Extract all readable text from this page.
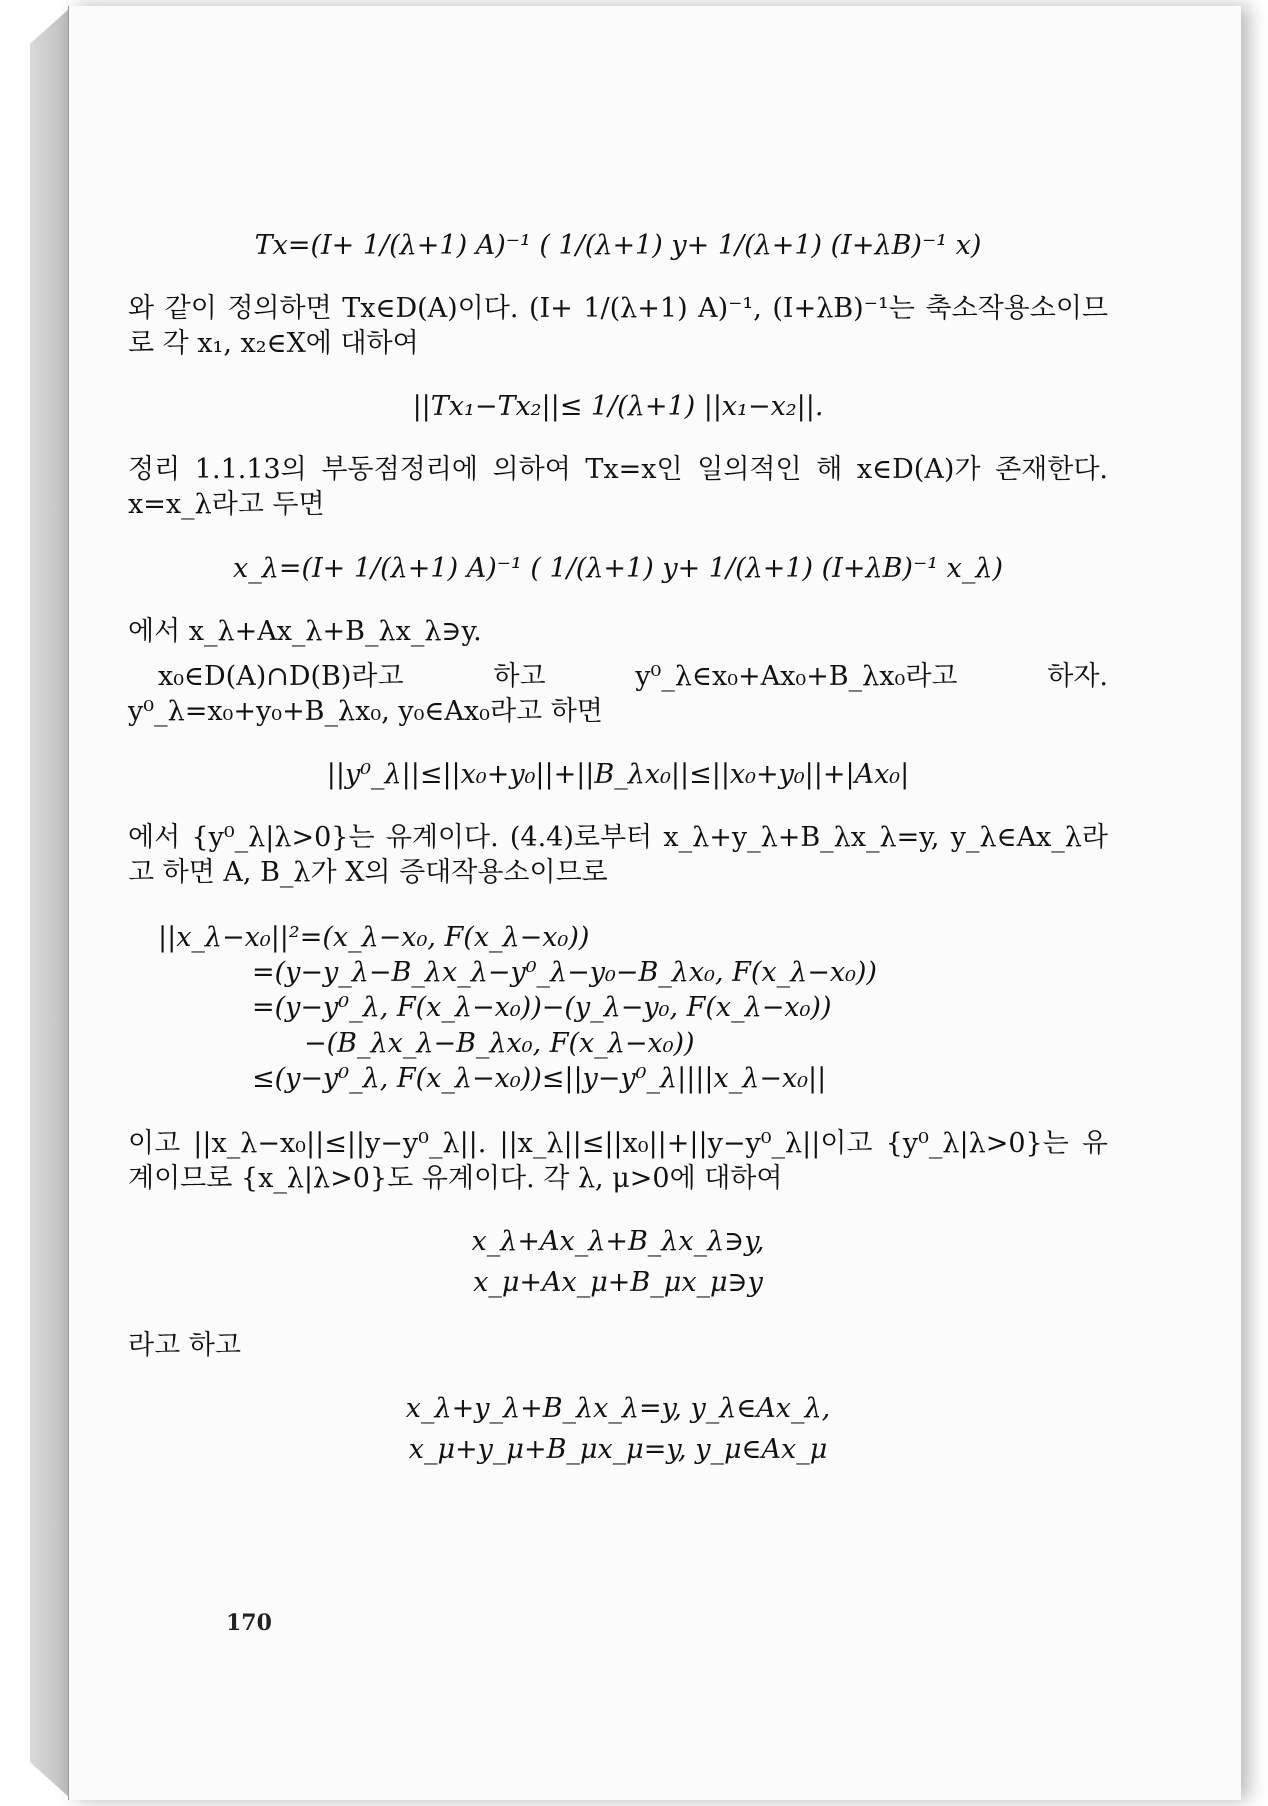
Tx=(I+ 1/(λ+1) A)⁻¹ ( 1/(λ+1) y+ 1/(λ+1) (I+λB)⁻¹ x)
와 같이 정의하면 Tx∈D(A)이다. (I+ 1/(λ+1) A)⁻¹, (I+λB)⁻¹는 축소작용소이므로 각 x₁, x₂∈X에 대하여
||Tx₁−Tx₂||≤ 1/(λ+1) ||x₁−x₂||.
정리 1.1.13의 부동점정리에 의하여 Tx=x인 일의적인 해 x∈D(A)가 존재한다. x=x_λ라고 두면
x_λ=(I+ 1/(λ+1) A)⁻¹ ( 1/(λ+1) y+ 1/(λ+1) (I+λB)⁻¹ x_λ)
에서 x_λ+Ax_λ+B_λx_λ∋y.
x₀∈D(A)∩D(B)라고 하고 y⁰_λ∈x₀+Ax₀+B_λx₀라고 하자. y⁰_λ=x₀+y₀+B_λx₀, y₀∈Ax₀라고 하면
||y⁰_λ||≤||x₀+y₀||+||B_λx₀||≤||x₀+y₀||+|Ax₀|
에서 {y⁰_λ|λ>0}는 유계이다. (4.4)로부터 x_λ+y_λ+B_λx_λ=y, y_λ∈Ax_λ라고 하면 A, B_λ가 X의 증대작용소이므로
||x_λ−x₀||²=(x_λ−x₀, F(x_λ−x₀))
=(y−y_λ−B_λx_λ−y⁰_λ−y₀−B_λx₀, F(x_λ−x₀))
=(y−y⁰_λ, F(x_λ−x₀))−(y_λ−y₀, F(x_λ−x₀))
−(B_λx_λ−B_λx₀, F(x_λ−x₀))
≤(y−y⁰_λ, F(x_λ−x₀))≤||y−y⁰_λ||||x_λ−x₀||
이고 ||x_λ−x₀||≤||y−y⁰_λ||. ||x_λ||≤||x₀||+||y−y⁰_λ||이고 {y⁰_λ|λ>0}는 유계이므로 {x_λ|λ>0}도 유계이다. 각 λ, μ>0에 대하여
x_λ+Ax_λ+B_λx_λ∋y,
x_μ+Ax_μ+B_μx_μ∋y
라고 하고
x_λ+y_λ+B_λx_λ=y, y_λ∈Ax_λ,
x_μ+y_μ+B_μx_μ=y, y_μ∈Ax_μ
170
